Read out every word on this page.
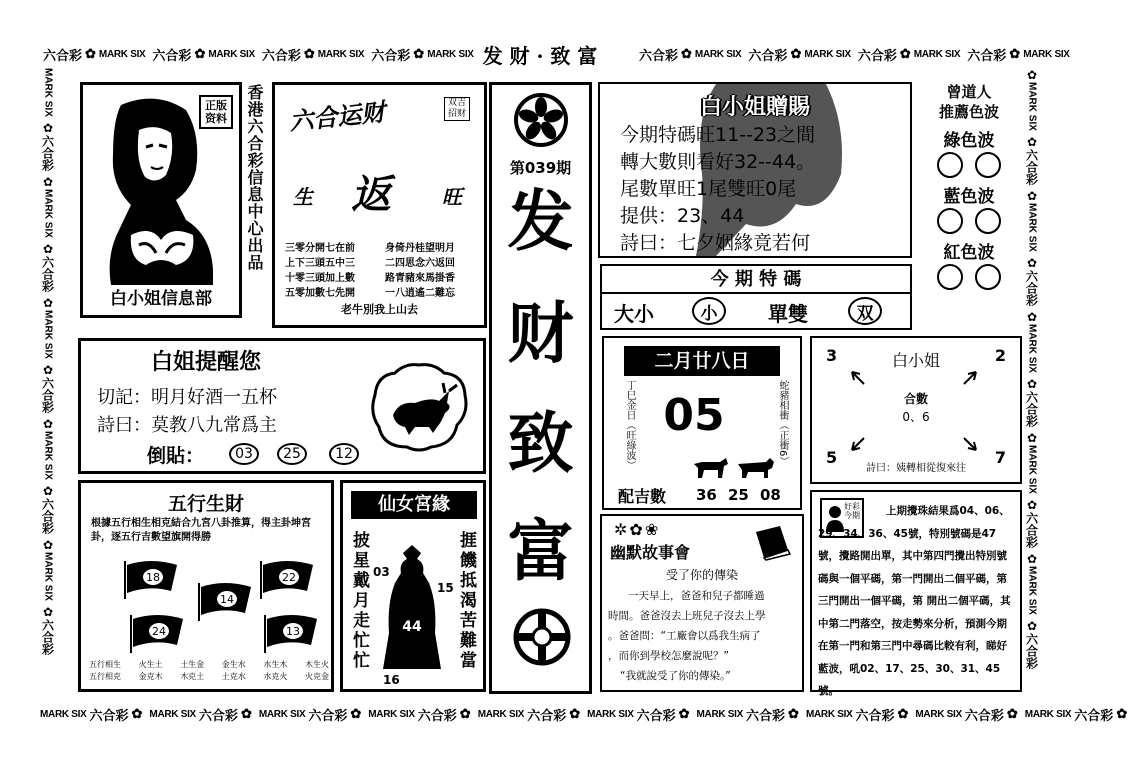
六合彩 ✿ MARK SIX 六合彩 ✿ MARK SIX 六合彩 ✿ MARK SIX 六合彩 ✿ MARK SIX 发 财 · 致 富	六合彩 ✿ MARK SIX 六合彩 ✿ MARK SIX 六合彩 ✿ MARK SIX 六合彩 ✿ MARK SIX
MARK SIX 六合彩 ✿ MARK SIX 六合彩 ✿ MARK SIX 六合彩 ✿ MARK SIX 六合彩 ✿ MARK SIX 六合彩 ✿ MARK SIX 六合彩 ✿ MARK SIX 六合彩 ✿ MARK SIX 六合彩 ✿ MARK SIX 六合彩 ✿ MARK SIX 六合彩 ✿
MARK SIX
✿
六合彩
✿
MARK SIX
✿
六合彩
✿
MARK SIX
✿
六合彩
✿
MARK SIX
✿
六合彩
✿
MARK SIX
✿
六合彩
✿
MARK SIX
✿
六合彩
✿
MARK SIX
✿
六合彩
✿
MARK SIX
✿
六合彩
✿
MARK SIX
✿
六合彩
✿
MARK SIX
✿
六合彩
正版资料
白小姐信息部
香港六合彩信息中心出品 六合运财	双吉招财
生 返	旺
三零分開七在前
上下三頭五中三
十零三頭加上數
五零加數七先開
身倚丹桂望明月
二四思念六返回
路青豬來馬掛香
一八逍遙二難忘
老牛別我上山去
第039期
发
财
致
富
白小姐贈賜
今期特碼旺11--23之間
轉大數則看好32--44。
尾數單旺1尾雙旺0尾
提供：23、44
詩曰：七夕姻緣竟若何
曾道人
推薦色波
綠色波

藍色波

紅色波

今 期 特 碼
大小	小	單雙	双
白姐提醒您
切記：明月好酒一五杯
詩曰：莫教八九常爲主
倒貼：	03	25	12
二月廿八日
丁巳金日（旺綠波）	蛇豬相衝（正衝6）
05
配吉數 36 25 08
白小姐
3	2
5	7
合數
0、6
詩曰：姨轉相從復來往
五行生財
根據五行相生相克結合九宮八卦推算，得主卦坤宮卦，逐五行吉數望旗開得勝
18	22
14
24	13
五行相生 火生土 土生金 金生水 水生木 木生火
五行相克 金克木 木克土 土克水 水克火 火克金
仙女宮緣
披星戴月走忙忙	捱饑抵渴苦難當
03
15
44
16
✲✿❀
幽默故事會
受了你的傳染
一天早上，爸爸和兒子都睡過
時間。爸爸沒去上班兒子沒去上學
。爸爸問：“工廠會以爲我生病了
，而你到學校怎麼說呢？”
“我就說受了你的傳染。”
好彩今期	上期攪珠結果爲04、06、29、34、36、45號，特別號碼是47號，攪路開出單，其中第四門攪出特別號碼與一個平碼，第一門開出二個平碼，第三門開出一個平碼，第 開出二個平碼，其中第二門落空，按走勢來分析，預測今期在第一門和第三門中尋碼比較有利，睇好藍波，吼02、17、25、30、31、45號。
